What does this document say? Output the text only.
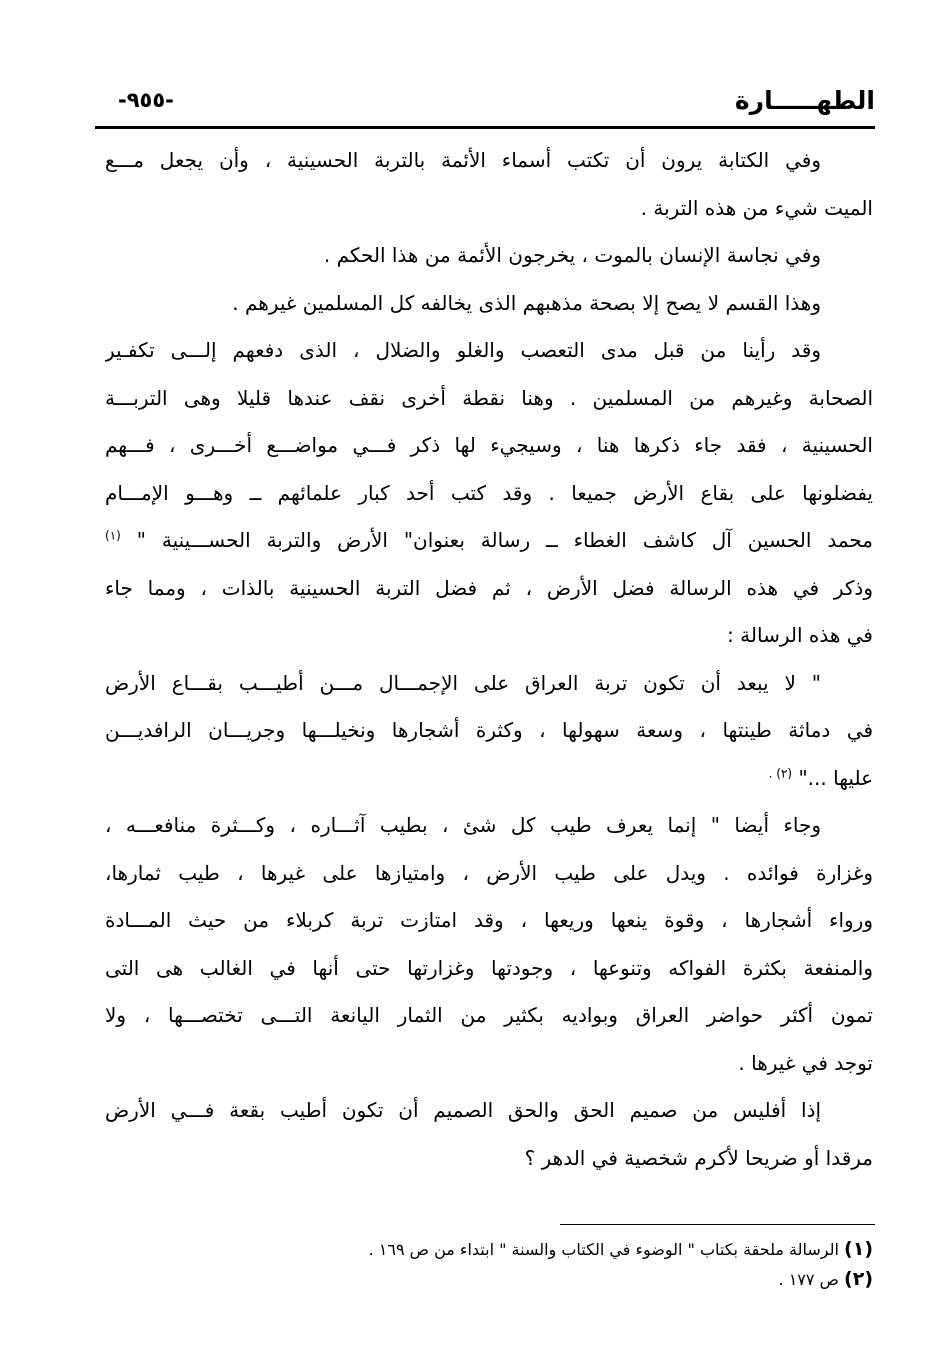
الطهـــــارة
-٩٥٥-
وفي الكتابة يرون أن تكتب أسماء الأئمة بالتربة الحسينية ، وأن يجعل مـــع
الميت شيء من هذه التربة .
وفي نجاسة الإنسان بالموت ، يخرجون الأئمة من هذا الحكم .
وهذا القسم لا يصح إلا بصحة مذهبهم الذى يخالفه كل المسلمين غيرهم .
وقد رأينا من قبل مدى التعصب والغلو والضلال ، الذى دفعهم إلـــى تكفـير
الصحابة وغيرهم من المسلمين . وهنا نقطة أخرى نقف عندها قليلا وهى التربـــة
الحسينية ، فقد جاء ذكرها هنا ، وسيجيء لها ذكر فـــي مواضـــع أخـــرى ، فـــهم
يفضلونها على بقاع الأرض جميعا . وقد كتب أحد كبار علمائهم ــ وهـــو الإمـــام
محمد الحسين آل كاشف الغطاء ــ رسالة بعنوان" الأرض والتربة الحســـينية " $^{(١)}$
وذكر في هذه الرسالة فضل الأرض ، ثم فضل التربة الحسينية بالذات ، ومما جاء
في هذه الرسالة :
" لا يبعد أن تكون تربة العراق على الإجمـــال مـــن أطيـــب بقـــاع الأرض
في دماثة طينتها ، وسعة سهولها ، وكثرة أشجارها ونخيلـــها وجريـــان الرافديـــن
عليها ..." $^{(٢) .}$
وجاء أيضا " إنما يعرف طيب كل شئ ، بطيب آثـــاره ، وكـــثرة منافعـــه ،
وغزارة فوائده . ويدل على طيب الأرض ، وامتيازها على غيرها ، طيب ثمارها،
ورواء أشجارها ، وقوة ينعها وريعها ، وقد امتازت تربة كربلاء من حيث المـــادة
والمنفعة بكثرة الفواكه وتنوعها ، وجودتها وغزارتها حتى أنها في الغالب هى التى
تمون أكثر حواضر العراق وبواديه بكثير من الثمار اليانعة التـــى تختصـــها ، ولا
توجد في غيرها .
إذا أفليس من صميم الحق والحق الصميم أن تكون أطيب بقعة فـــي الأرض
مرقدا أو ضريحا لأكرم شخصية في الدهر ؟
(١) الرسالة ملحقة بكتاب " الوضوء في الكتاب والسنة " ابتداء من ص ١٦٩ .
(٢) ص ١٧٧ .
